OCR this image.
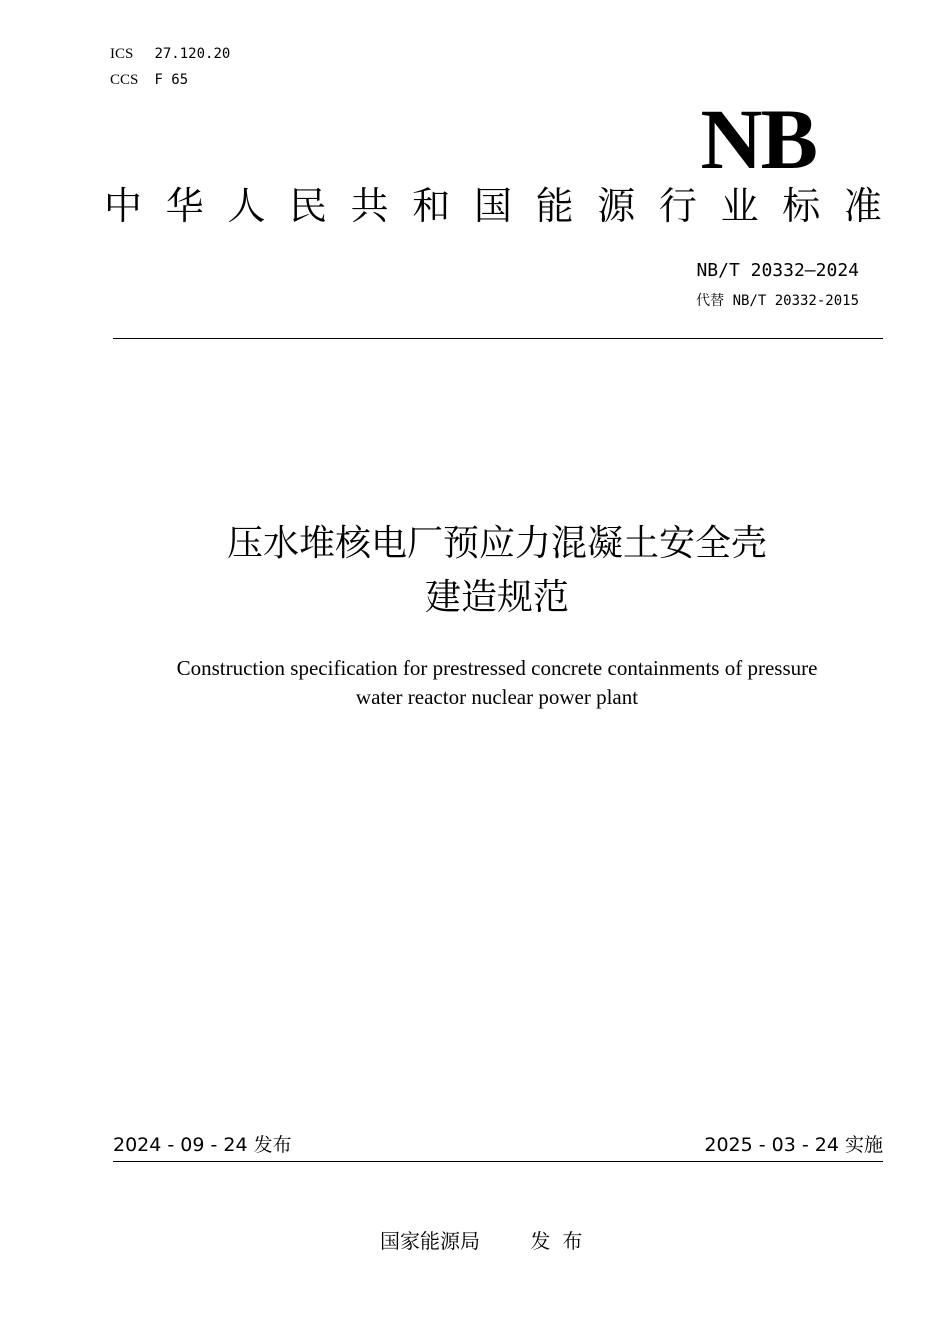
ICS 27.120.20
CCS F 65
NB
中 华 人 民 共 和 国 能 源 行 业 标 准
NB/T 20332—2024
代替 NB/T 20332-2015
压水堆核电厂预应力混凝土安全壳
建造规范
Construction specification for prestressed concrete containments of pressure
water reactor nuclear power plant
2024 - 09 - 24 发布	2025 - 03 - 24 实施
国家能源局	发布
